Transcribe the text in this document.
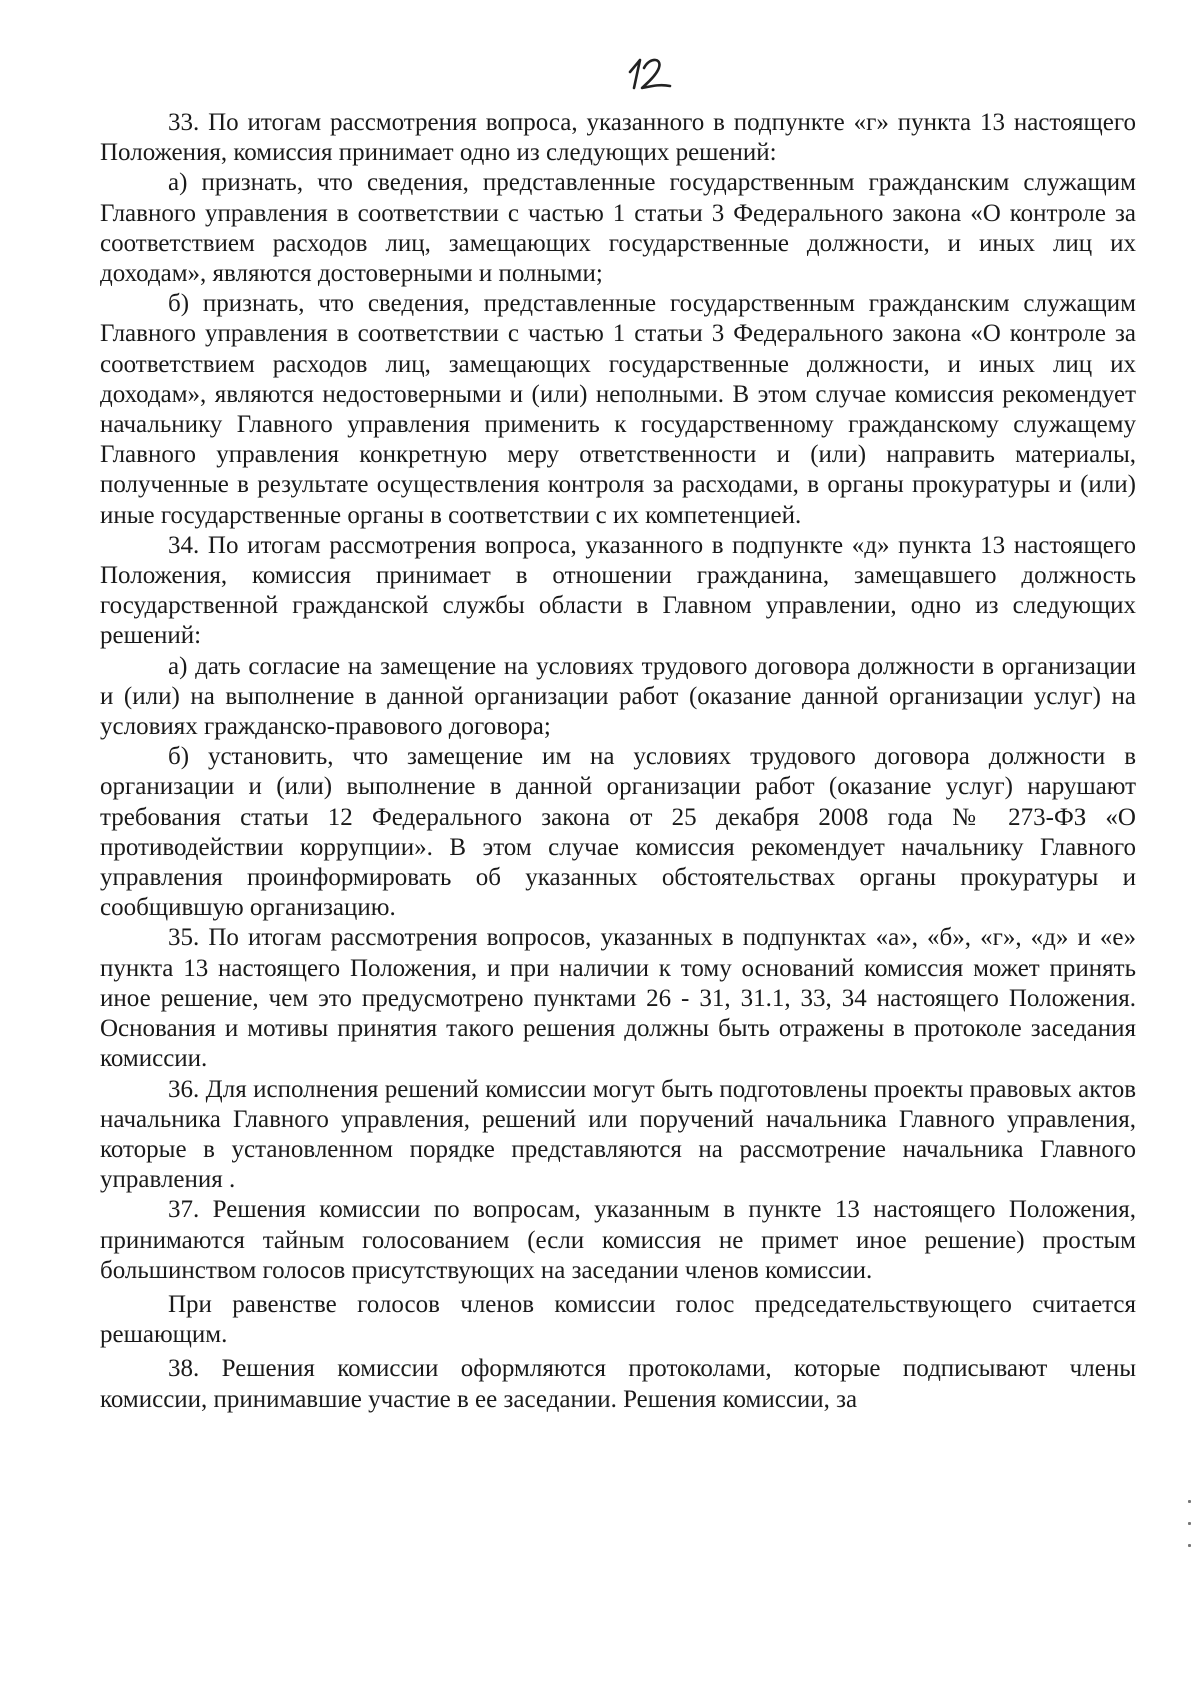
33. По итогам рассмотрения вопроса, указанного в подпункте «г» пункта 13 настоящего Положения, комиссия принимает одно из следующих решений:

а) признать, что сведения, представленные государственным гражданским служащим Главного управления в соответствии с частью 1 статьи 3 Федерального закона «О контроле за соответствием расходов лиц, замещающих государственные должности, и иных лиц их доходам», являются достоверными и полными;

б) признать, что сведения, представленные государственным гражданским служащим Главного управления в соответствии с частью 1 статьи 3 Федерального закона «О контроле за соответствием расходов лиц, замещающих государственные должности, и иных лиц их доходам», являются недостоверными и (или) неполными. В этом случае комиссия рекомендует начальнику Главного управления применить к государственному гражданскому служащему Главного управления конкретную меру ответственности и (или) направить материалы, полученные в результате осуществления контроля за расходами, в органы прокуратуры и (или) иные государственные органы в соответствии с их компетенцией.

34. По итогам рассмотрения вопроса, указанного в подпункте «д» пункта 13 настоящего Положения, комиссия принимает в отношении гражданина, замещавшего должность государственной гражданской службы области в Главном управлении, одно из следующих решений:

а) дать согласие на замещение на условиях трудового договора должности в организации и (или) на выполнение в данной организации работ (оказание данной организации услуг) на условиях гражданско-правового договора;

б) установить, что замещение им на условиях трудового договора должности в организации и (или) выполнение в данной организации работ (оказание услуг) нарушают требования статьи 12 Федерального закона от 25 декабря 2008 года № 273-ФЗ «О противодействии коррупции». В этом случае комиссия рекомендует начальнику Главного управления проинформировать об указанных обстоятельствах органы прокуратуры и сообщившую организацию.

35. По итогам рассмотрения вопросов, указанных в подпунктах «а», «б», «г», «д» и «е» пункта 13 настоящего Положения, и при наличии к тому оснований комиссия может принять иное решение, чем это предусмотрено пунктами 26 - 31, 31.1, 33, 34 настоящего Положения. Основания и мотивы принятия такого решения должны быть отражены в протоколе заседания комиссии.

36. Для исполнения решений комиссии могут быть подготовлены проекты правовых актов начальника Главного управления, решений или поручений начальника Главного управления, которые в установленном порядке представляются на рассмотрение начальника Главного управления .

37. Решения комиссии по вопросам, указанным в пункте 13 настоящего Положения, принимаются тайным голосованием (если комиссия не примет иное решение) простым большинством голосов присутствующих на заседании членов комиссии.

При равенстве голосов членов комиссии голос председательствующего считается решающим.

38. Решения комиссии оформляются протоколами, которые подписывают члены комиссии, принимавшие участие в ее заседании. Решения комиссии, за
